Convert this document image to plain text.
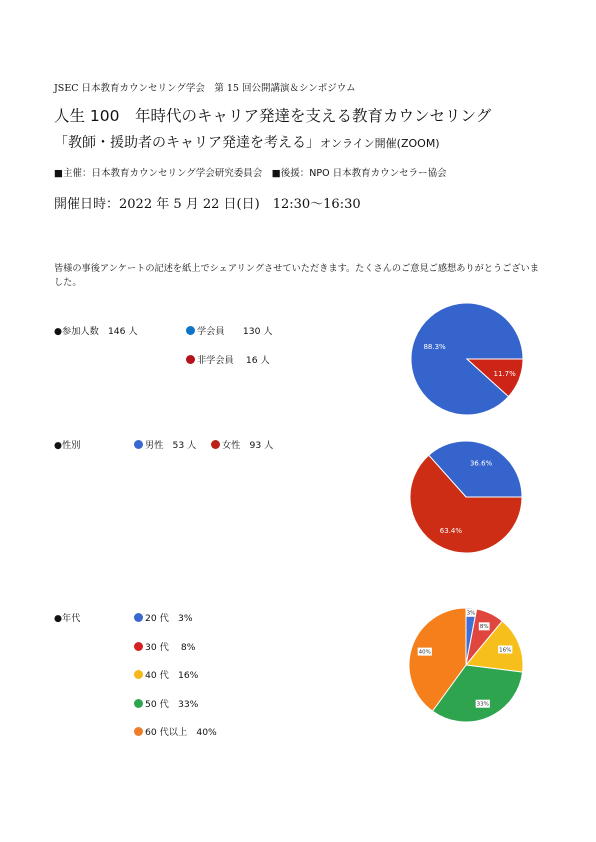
JSEC 日本教育カウンセリング学会　第 15 回公開講演＆シンポジウム
人生 100　年時代のキャリア発達を支える教育カウンセリング
「教師・援助者のキャリア発達を考える」オンライン開催(ZOOM)
■主催：日本教育カウンセリング学会研究委員会　■後援：NPO 日本教育カウンセラー協会
開催日時：2022 年 5 月 22 日(日)　12:30～16:30
皆様の事後アンケートの記述を紙上でシェアリングさせていただきます。たくさんのご意見ご感想ありがとうございました。
●参加人数　146 人	学会員　　130 人
非学会員　 16 人
●性別	男性　53 人	女性　93 人
●年代	20 代　3%
30 代　 8%
40 代　16%
50 代　33%
60 代以上　40%
88.3%
11.7%
36.6%
63.4%
3%
8%
16%
33%
40%
